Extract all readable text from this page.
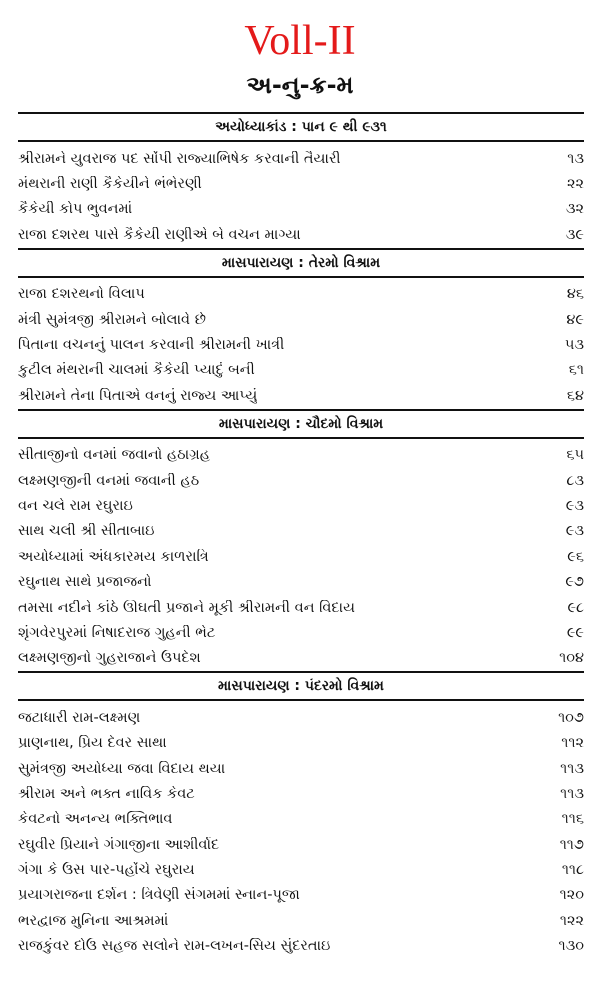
Voll-II
અ-નુ-ક્ર-મ
અયોધ્યાકાંડ : પાન ૯ થી ૯૩૧
શ્રીરામને યુવરાજ પદ સોંપી રાજ્યાભિષેક કરવાની તૈયારી	૧૩
મંથરાની રાણી કૈકેયીને ભંભેરણી	૨૨
કૈકેયી કોપ ભુવનમાં	૩૨
રાજા દશરથ પાસે કૈકેયી રાણીએ બે વચન માગ્યા	૩૯
માસપારાયણ : તેરમો વિશ્રામ
રાજા દશરથનો વિલાપ	૪૬
મંત્રી સુમંત્રજી શ્રીરામને બોલાવે છે	૪૯
પિતાના વચનનું પાલન કરવાની શ્રીરામની ખાત્રી	૫૩
કુટીલ મંથરાની ચાલમાં કૈકેયી પ્યાદું બની	૬૧
શ્રીરામને તેના પિતાએ વનનું રાજ્ય આપ્યું	૬૪
માસપારાયણ : ચૌદમો વિશ્રામ
સીતાજીનો વનમાં જવાનો હઠાગ્રહ	૬૫
લક્ષ્મણજીની વનમાં જવાની હઠ	૮૩
વન ચલે રામ રઘુરાઇ	૯૩
સાથ ચલી શ્રી સીતાબાઇ	૯૩
અયોધ્યામાં અંધકારમય કાળરાત્રિ	૯૬
રઘુનાથ સાથે પ્રજાજનો	૯૭
તમસા નદીને કાંઠે ઊંઘતી પ્રજાને મૂકી શ્રીરામની વન વિદાય	૯૮
શૃંગવેરપુરમાં નિષાદરાજ ગુહની ભેટ	૯૯
લક્ષ્મણજીનો ગુહરાજાને ઉપદેશ	૧૦૪
માસપારાયણ : પંદરમો વિશ્રામ
જટાધારી રામ-લક્ષ્મણ	૧૦૭
પ્રાણનાથ, પ્રિય દેવર સાથા	૧૧૨
સુમંત્રજી અયોધ્યા જવા વિદાય થયા	૧૧૩
શ્રીરામ અને ભક્ત નાવિક કેવટ	૧૧૩
કેવટનો અનન્ય ભક્તિભાવ	૧૧૬
રઘુવીર પ્રિયાને ગંગાજીના આશીર્વાદ	૧૧૭
ગંગા કે ઉસ પાર-પહોંચે રઘુરાય	૧૧૮
પ્રયાગરાજના દર્શન : ત્રિવેણી સંગમમાં સ્નાન-પૂજા	૧૨૦
ભરદ્વાજ મુનિના આશ્રમમાં	૧૨૨
રાજકુંવર દોઉ સહજ સલોને રામ-લખન-સિય સુંદરતાઇ	૧૩૦
